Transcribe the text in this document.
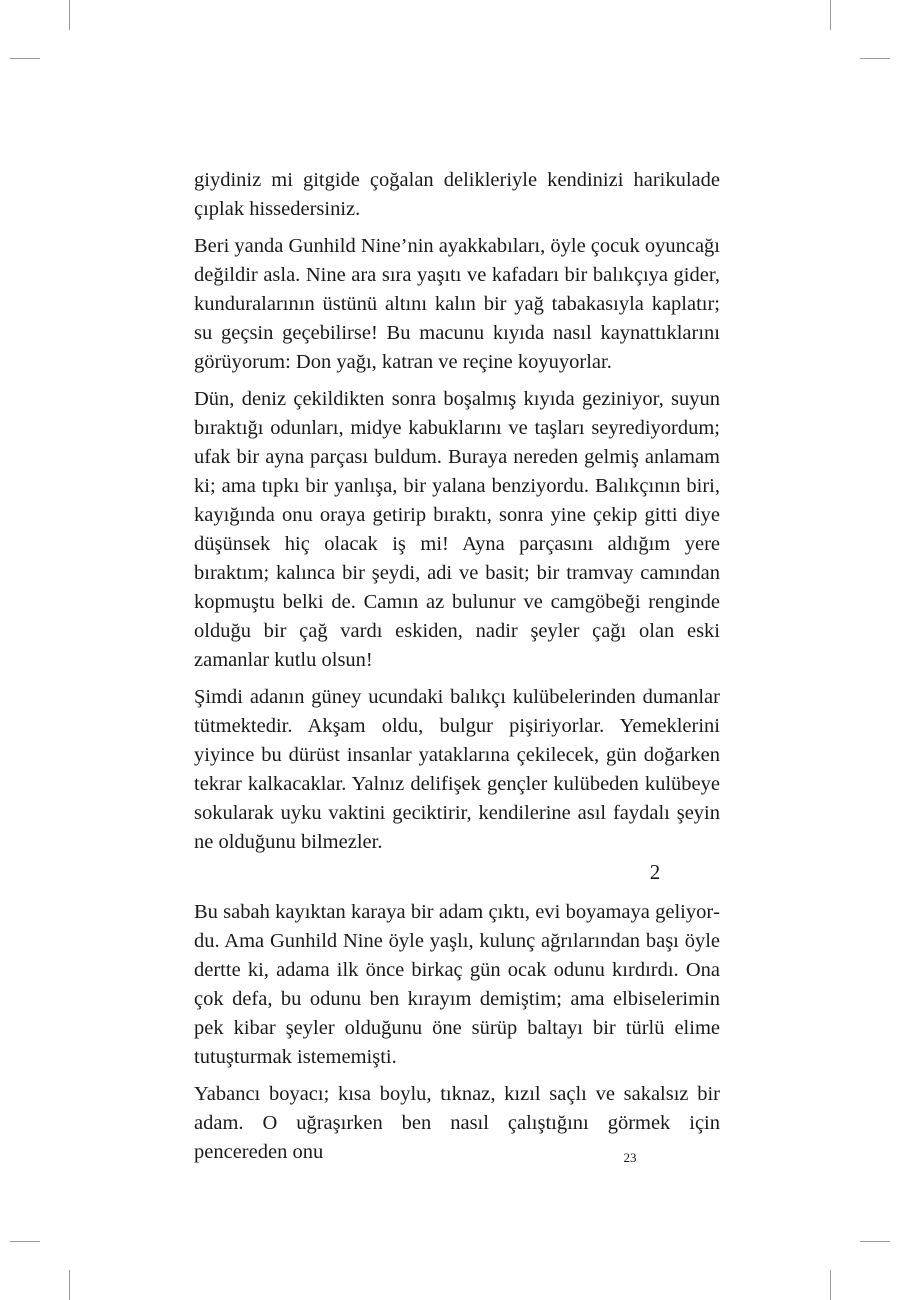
giydiniz mi gitgide çoğalan delikleriyle kendinizi harikulade çıplak hissedersiniz.

Beri yanda Gunhild Nine’nin ayakkabıları, öyle çocuk oyuncağı değildir asla. Nine ara sıra yaşıtı ve kafadarı bir balıkçıya gider, kunduralarının üstünü altını kalın bir yağ tabakasıyla kaplatır; su geçsin geçebilirse! Bu macunu kıyıda nasıl kaynattıklarını görüyorum: Don yağı, katran ve reçine koyuyorlar.

Dün, deniz çekildikten sonra boşalmış kıyıda geziniyor, suyun bıraktığı odunları, midye kabuklarını ve taşları seyrediyordum; ufak bir ayna parçası buldum. Buraya nereden gelmiş anlamam ki; ama tıpkı bir yanlışa, bir yalana benziyordu. Balıkçının biri, kayığında onu oraya getirip bıraktı, sonra yine çekip gitti diye düşünsek hiç olacak iş mi! Ayna parçasını aldığım yere bıraktım; kalınca bir şeydi, adi ve basit; bir tramvay camından kopmuştu belki de. Camın az bulunur ve camgöbeği renginde olduğu bir çağ vardı eskiden, nadir şeyler çağı olan eski zamanlar kutlu olsun!

Şimdi adanın güney ucundaki balıkçı kulübelerinden dumanlar tütmektedir. Akşam oldu, bulgur pişiriyorlar. Yemeklerini yiyince bu dürüst insanlar yataklarına çekilecek, gün doğarken tekrar kalkacaklar. Yalnız delifişek gençler kulübeden kulübeye sokularak uyku vaktini geciktirir, kendilerine asıl faydalı şeyin ne olduğunu bilmezler.

2

Bu sabah kayıktan karaya bir adam çıktı, evi boyamaya geliyordu. Ama Gunhild Nine öyle yaşlı, kulunç ağrılarından başı öyle dertte ki, adama ilk önce birkaç gün ocak odunu kırdırdı. Ona çok defa, bu odunu ben kırayım demiştim; ama elbiselerimin pek kibar şeyler olduğunu öne sürüp baltayı bir türlü elime tutuşturmak istememişti.

Yabancı boyacı; kısa boylu, tıknaz, kızıl saçlı ve sakalsız bir adam. O uğraşırken ben nasıl çalıştığını görmek için pencereden onu	23
